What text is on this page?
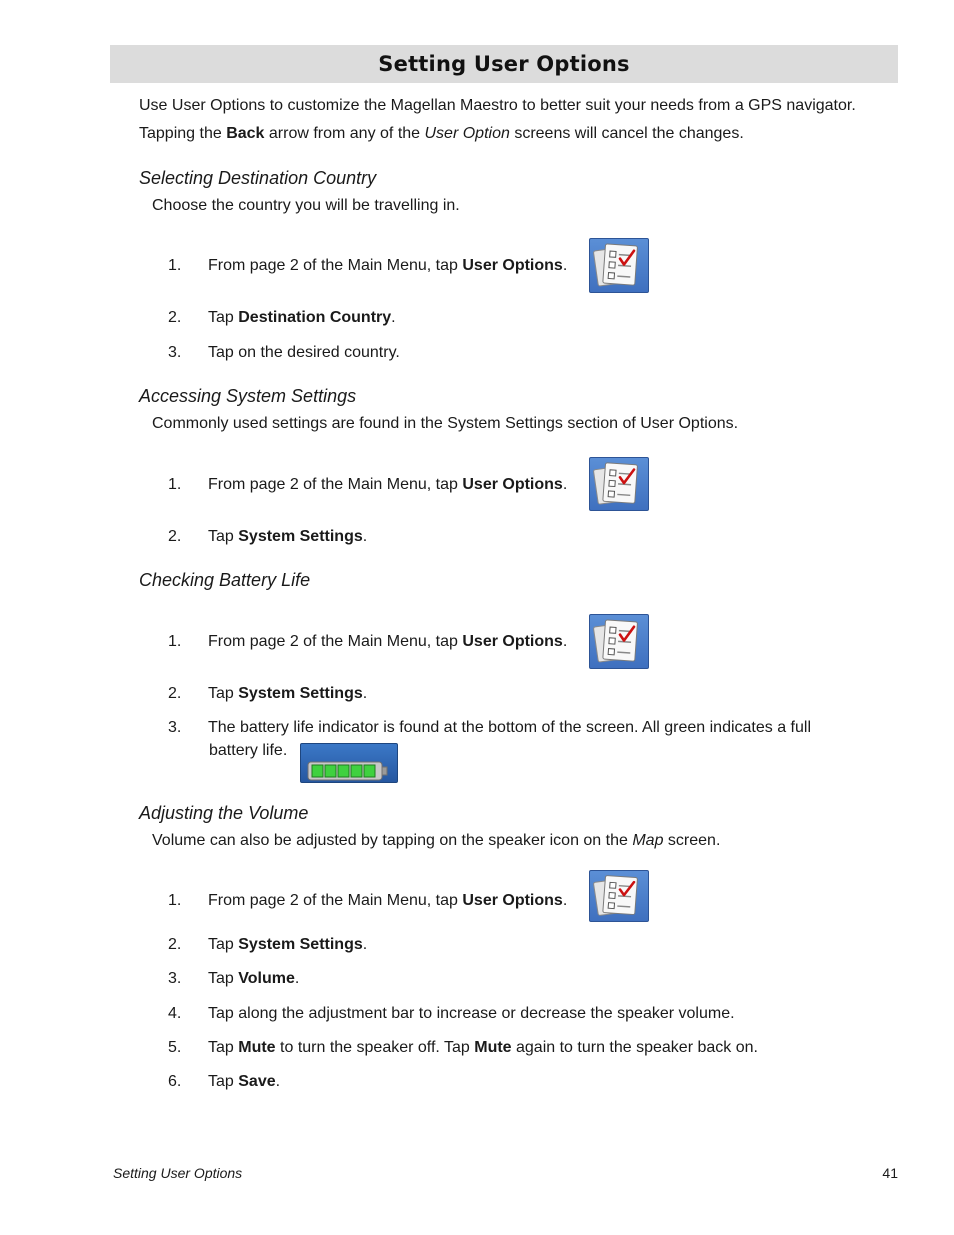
Setting User Options
Use User Options to customize the Magellan Maestro to better suit your needs from a GPS navigator.
Tapping the Back arrow from any of the User Option screens will cancel the changes.
Selecting Destination Country
Choose the country you will be travelling in.
1.	From page 2 of the Main Menu, tap User Options.
2.	Tap Destination Country.
3.	Tap on the desired country.
Accessing System Settings
Commonly used settings are found in the System Settings section of User Options.
1.	From page 2 of the Main Menu, tap User Options.
2.	Tap System Settings.
Checking Battery Life
1.	From page 2 of the Main Menu, tap User Options.
2.	Tap System Settings.
3.	The battery life indicator is found at the bottom of the screen. All green indicates a full
battery life.
Adjusting the Volume
Volume can also be adjusted by tapping on the speaker icon on the Map screen.
1.	From page 2 of the Main Menu, tap User Options.
2.	Tap System Settings.
3.	Tap Volume.
4.	Tap along the adjustment bar to increase or decrease the speaker volume.
5.	Tap Mute to turn the speaker off. Tap Mute again to turn the speaker back on.
6.	Tap Save.
Setting User Options	41
